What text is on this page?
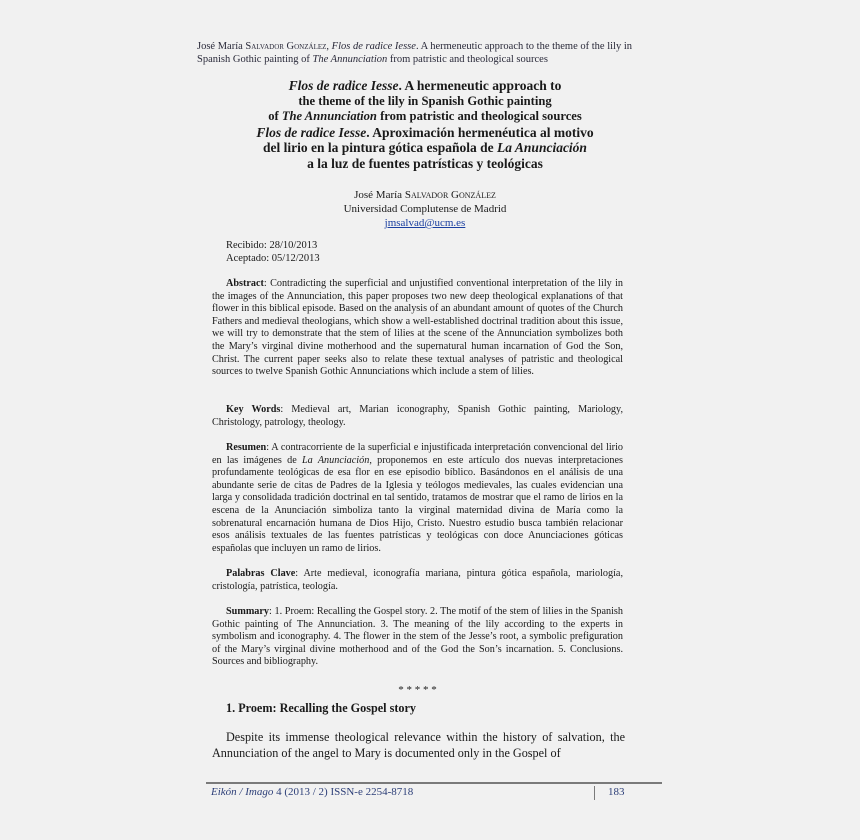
José María Salvador González, Flos de radice Iesse. A hermeneutic approach to the theme of the lily in Spanish Gothic painting of The Annunciation from patristic and theological sources
Flos de radice Iesse. A hermeneutic approach to
the theme of the lily in Spanish Gothic painting
of The Annunciation from patristic and theological sources
Flos de radice Iesse. Aproximación hermenéutica al motivo
del lirio en la pintura gótica española de La Anunciación
a la luz de fuentes patrísticas y teológicas
José María Salvador González
Universidad Complutense de Madrid
jmsalvad@ucm.es
Recibido: 28/10/2013
Aceptado: 05/12/2013
Abstract: Contradicting the superficial and unjustified conventional interpretation of the lily in the images of the Annunciation, this paper proposes two new deep theological explanations of that flower in this biblical episode. Based on the analysis of an abundant amount of quotes of the Church Fathers and medieval theologians, which show a well-established doctrinal tradition about this issue, we will try to demonstrate that the stem of lilies at the scene of the Annunciation symbolizes both the Mary’s virginal divine motherhood and the supernatural human incarnation of God the Son, Christ. The current paper seeks also to relate these textual analyses of patristic and theological sources to twelve Spanish Gothic Annunciations which include a stem of lilies.
Key Words: Medieval art, Marian iconography, Spanish Gothic painting, Mariology, Christology, patrology, theology.
Resumen: A contracorriente de la superficial e injustificada interpretación convencional del lirio en las imágenes de La Anunciación, proponemos en este artículo dos nuevas interpretaciones profundamente teológicas de esa flor en ese episodio bíblico. Basándonos en el análisis de una abundante serie de citas de Padres de la Iglesia y teólogos medievales, las cuales evidencian una larga y consolidada tradición doctrinal en tal sentido, tratamos de mostrar que el ramo de lirios en la escena de la Anunciación simboliza tanto la virginal maternidad divina de María como la sobrenatural encarnación humana de Dios Hijo, Cristo. Nuestro estudio busca también relacionar esos análisis textuales de las fuentes patrísticas y teológicas con doce Anunciaciones góticas españolas que incluyen un ramo de lirios.
Palabras Clave: Arte medieval, iconografía mariana, pintura gótica española, mariología, cristología, patrística, teología.
Summary: 1. Proem: Recalling the Gospel story. 2. The motif of the stem of lilies in the Spanish Gothic painting of The Annunciation. 3. The meaning of the lily according to the experts in symbolism and iconography. 4. The flower in the stem of the Jesse’s root, a symbolic prefiguration of the Mary’s virginal divine motherhood and of the God the Son’s incarnation. 5. Conclusions. Sources and bibliography.
* * * * *
1. Proem: Recalling the Gospel story
Despite its immense theological relevance within the history of salvation, the Annunciation of the angel to Mary is documented only in the Gospel of
Eikón / Imago 4 (2013 / 2) ISSN-e 2254-8718	183
